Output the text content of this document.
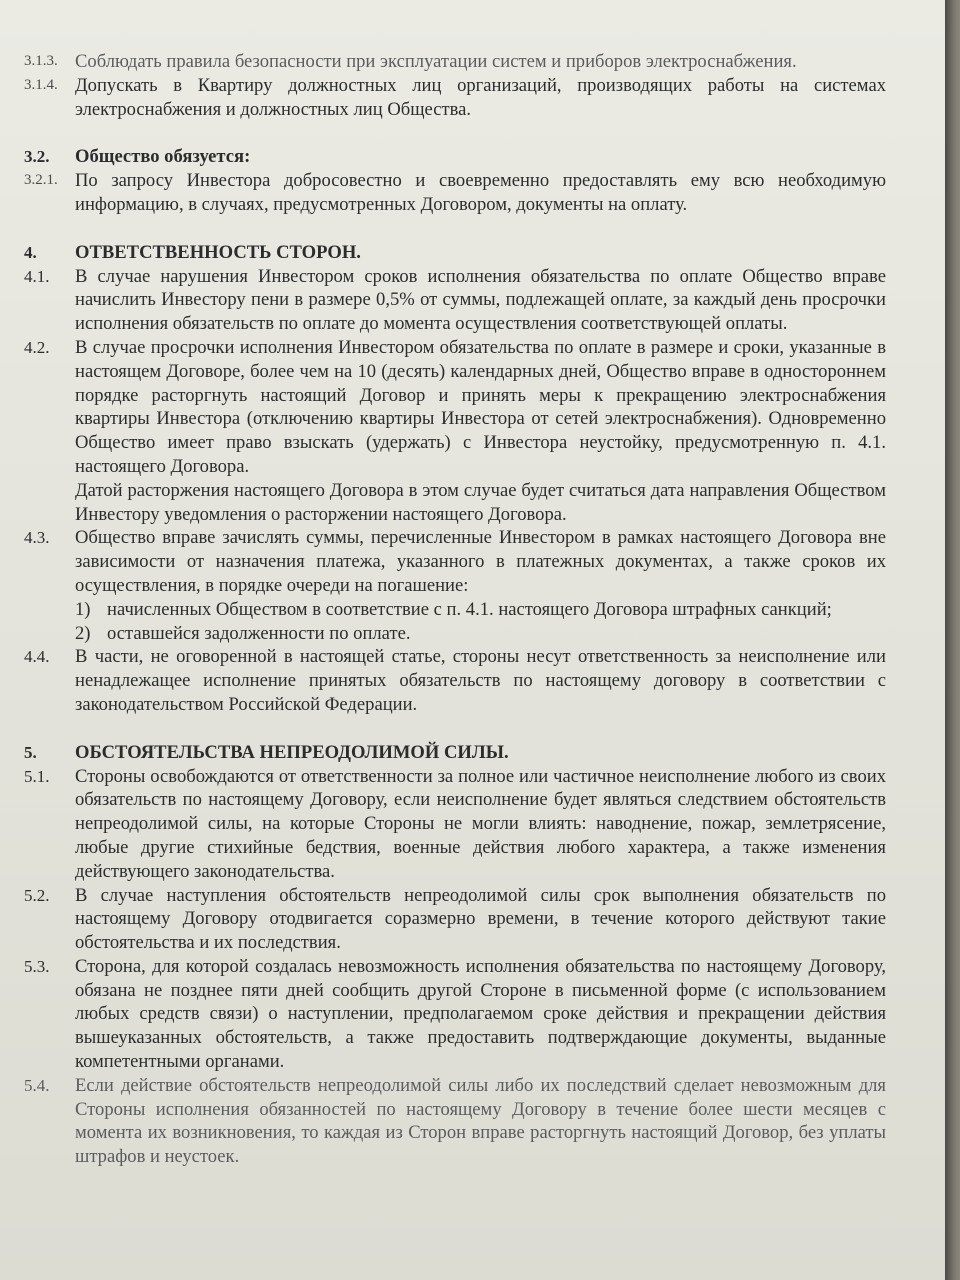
3.1.3. Соблюдать правила безопасности при эксплуатации систем и приборов электроснабжения.
3.1.4. Допускать в Квартиру должностных лиц организаций, производящих работы на системах электроснабжения и должностных лиц Общества.
3.2. Общество обязуется:
3.2.1. По запросу Инвестора добросовестно и своевременно предоставлять ему всю необходимую информацию, в случаях, предусмотренных Договором, документы на оплату.
4. ОТВЕТСТВЕННОСТЬ СТОРОН.
4.1. В случае нарушения Инвестором сроков исполнения обязательства по оплате Общество вправе начислить Инвестору пени в размере 0,5% от суммы, подлежащей оплате, за каждый день просрочки исполнения обязательств по оплате до момента осуществления соответствующей оплаты.
4.2. В случае просрочки исполнения Инвестором обязательства по оплате в размере и сроки, указанные в настоящем Договоре, более чем на 10 (десять) календарных дней, Общество вправе в одностороннем порядке расторгнуть настоящий Договор и принять меры к прекращению электроснабжения квартиры Инвестора (отключению квартиры Инвестора от сетей электроснабжения). Одновременно Общество имеет право взыскать (удержать) с Инвестора неустойку, предусмотренную п. 4.1. настоящего Договора.
Датой расторжения настоящего Договора в этом случае будет считаться дата направления Обществом Инвестору уведомления о расторжении настоящего Договора.
4.3. Общество вправе зачислять суммы, перечисленные Инвестором в рамках настоящего Договора вне зависимости от назначения платежа, указанного в платежных документах, а также сроков их осуществления, в порядке очереди на погашение:
1) начисленных Обществом в соответствие с п. 4.1. настоящего Договора штрафных санкций;
2) оставшейся задолженности по оплате.
4.4. В части, не оговоренной в настоящей статье, стороны несут ответственность за неисполнение или ненадлежащее исполнение принятых обязательств по настоящему договору в соответствии с законодательством Российской Федерации.
5. ОБСТОЯТЕЛЬСТВА НЕПРЕОДОЛИМОЙ СИЛЫ.
5.1. Стороны освобождаются от ответственности за полное или частичное неисполнение любого из своих обязательств по настоящему Договору, если неисполнение будет являться следствием обстоятельств непреодолимой силы, на которые Стороны не могли влиять: наводнение, пожар, землетрясение, любые другие стихийные бедствия, военные действия любого характера, а также изменения действующего законодательства.
5.2. В случае наступления обстоятельств непреодолимой силы срок выполнения обязательств по настоящему Договору отодвигается соразмерно времени, в течение которого действуют такие обстоятельства и их последствия.
5.3. Сторона, для которой создалась невозможность исполнения обязательства по настоящему Договору, обязана не позднее пяти дней сообщить другой Стороне в письменной форме (с использованием любых средств связи) о наступлении, предполагаемом сроке действия и прекращении действия вышеуказанных обстоятельств, а также предоставить подтверждающие документы, выданные компетентными органами.
5.4. Если действие обстоятельств непреодолимой силы либо их последствий сделает невозможным для Стороны исполнения обязанностей по настоящему Договору в течение более шести месяцев с момента их возникновения, то каждая из Сторон вправе расторгнуть настоящий Договор, без уплаты штрафов и неустоек.
